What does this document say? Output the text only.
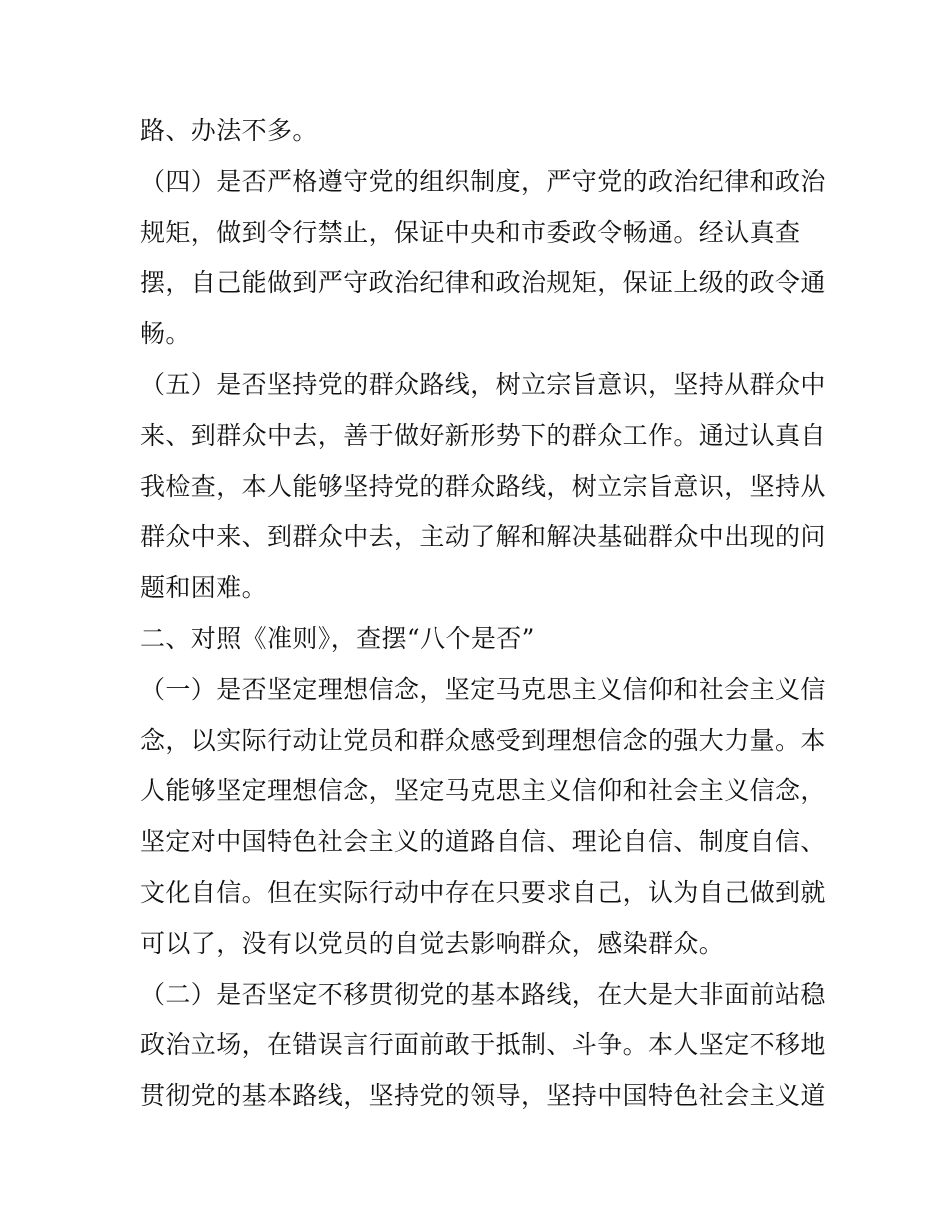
路、办法不多。
（四）是否严格遵守党的组织制度，严守党的政治纪律和政治
规矩，做到令行禁止，保证中央和市委政令畅通。经认真查
摆，自己能做到严守政治纪律和政治规矩，保证上级的政令通
畅。
（五）是否坚持党的群众路线，树立宗旨意识，坚持从群众中
来、到群众中去，善于做好新形势下的群众工作。通过认真自
我检查，本人能够坚持党的群众路线，树立宗旨意识，坚持从
群众中来、到群众中去，主动了解和解决基础群众中出现的问
题和困难。
二、对照《准则》，查摆“八个是否”
（一）是否坚定理想信念，坚定马克思主义信仰和社会主义信
念，以实际行动让党员和群众感受到理想信念的强大力量。本
人能够坚定理想信念，坚定马克思主义信仰和社会主义信念，
坚定对中国特色社会主义的道路自信、理论自信、制度自信、
文化自信。但在实际行动中存在只要求自己，认为自己做到就
可以了，没有以党员的自觉去影响群众，感染群众。
（二）是否坚定不移贯彻党的基本路线，在大是大非面前站稳
政治立场，在错误言行面前敢于抵制、斗争。本人坚定不移地
贯彻党的基本路线，坚持党的领导，坚持中国特色社会主义道
